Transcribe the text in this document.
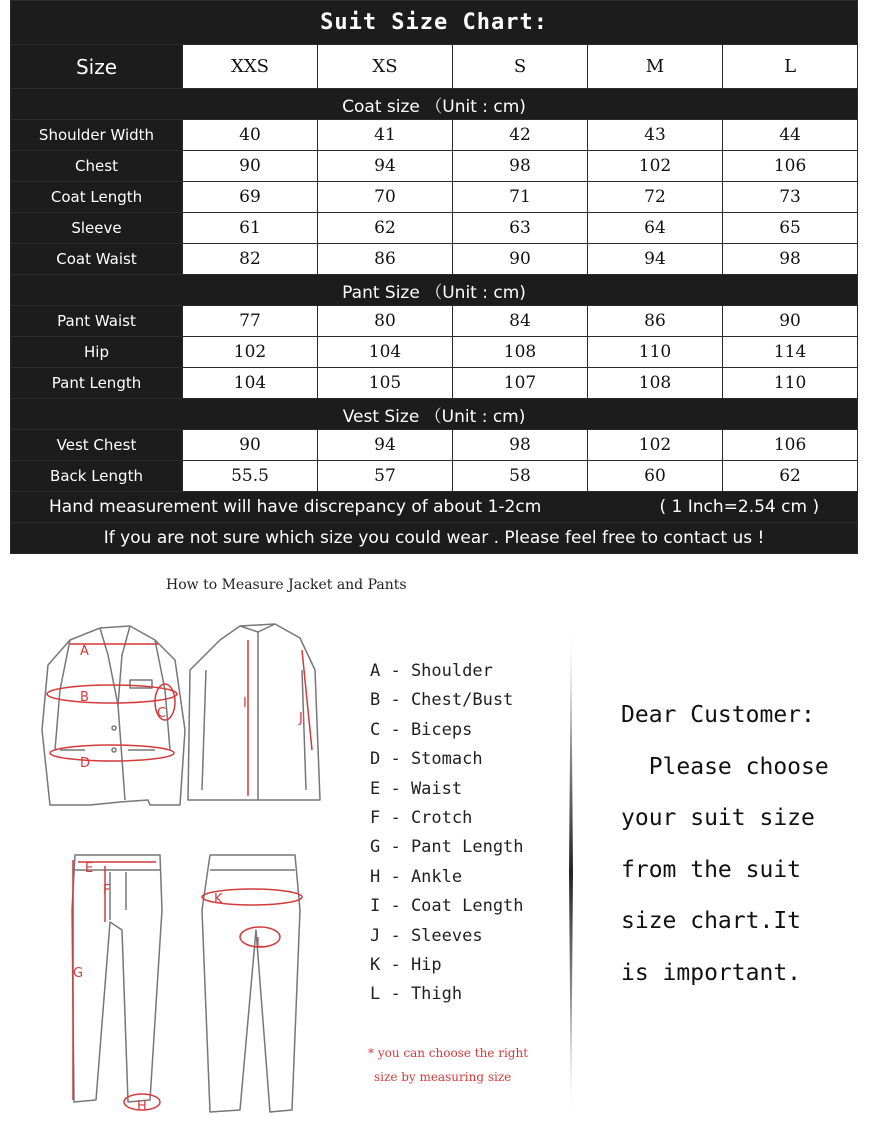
Suit Size Chart:					
Size	XXS	XS	S	M	L
Coat size （Unit : cm)					
Shoulder Width	40	41	42	43	44
Chest	90	94	98	102	106
Coat Length	69	70	71	72	73
Sleeve	61	62	63	64	65
Coat Waist	82	86	90	94	98
Pant Size （Unit : cm)					
Pant Waist	77	80	84	86	90
Hip	102	104	108	110	114
Pant Length	104	105	107	108	110
Vest Size （Unit : cm)					
Vest Chest	90	94	98	102	106
Back Length	55.5	57	58	60	62

Hand measurement will have discrepancy of about 1-2cm ( 1 Inch=2.54 cm )					

If you are not sure which size you could wear . Please feel free to contact us !					
How to Measure Jacket and Pants
A
B
C
D
I
J
E
F
G
H
K
L
A - Shoulder
B - Chest/Bust
C - Biceps
D - Stomach
E - Waist
F - Crotch
G - Pant Length
H - Ankle
I - Coat Length
J - Sleeves
K - Hip
L - Thigh
* you can choose the right
size by measuring size
Dear Customer:
Please choose
your suit size
from the suit
size chart.It
is important.
